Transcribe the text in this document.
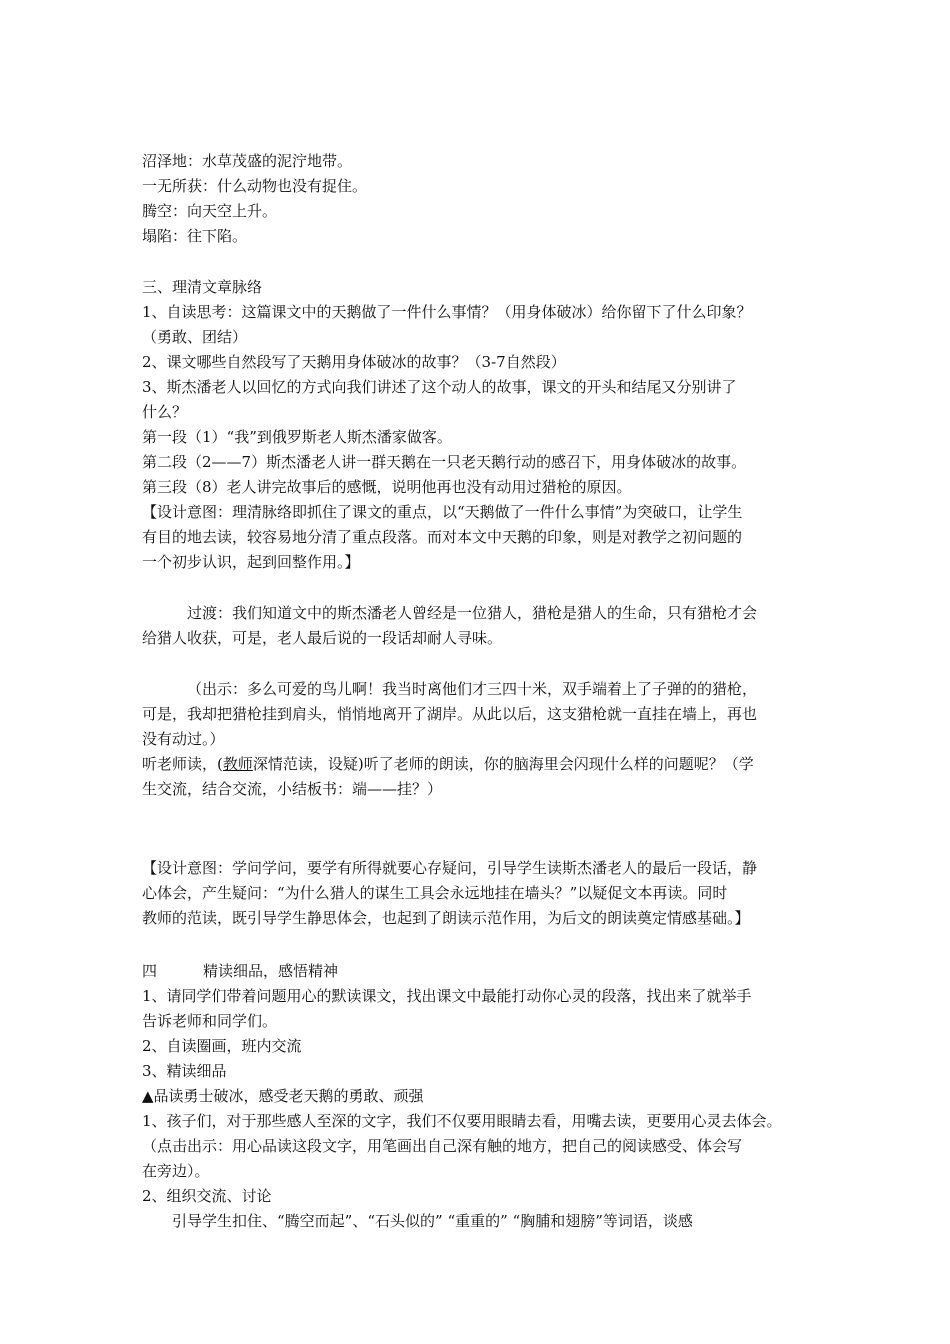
沼泽地：水草茂盛的泥泞地带。

一无所获：什么动物也没有捉住。

腾空：向天空上升。

塌陷：往下陷。

三、理清文章脉络

1、自读思考：这篇课文中的天鹅做了一件什么事情？（用身体破冰）给你留下了什么印象？

（勇敢、团结）

2、课文哪些自然段写了天鹅用身体破冰的故事？（3-7自然段）

3、斯杰潘老人以回忆的方式向我们讲述了这个动人的故事，课文的开头和结尾又分别讲了

什么？

第一段（1）“我”到俄罗斯老人斯杰潘家做客。

第二段（2——7）斯杰潘老人讲一群天鹅在一只老天鹅行动的感召下，用身体破冰的故事。

第三段（8）老人讲完故事后的感慨，说明他再也没有动用过猎枪的原因。

【设计意图：理清脉络即抓住了课文的重点，以“天鹅做了一件什么事情”为突破口，让学生

有目的地去读，较容易地分清了重点段落。而对本文中天鹅的印象，则是对教学之初问题的

一个初步认识，起到回整作用。】

过渡：我们知道文中的斯杰潘老人曾经是一位猎人，猎枪是猎人的生命，只有猎枪才会

给猎人收获，可是，老人最后说的一段话却耐人寻味。

（出示：多么可爱的鸟儿啊！我当时离他们才三四十米，双手端着上了子弹的的猎枪，

可是，我却把猎枪挂到肩头，悄悄地离开了湖岸。从此以后，这支猎枪就一直挂在墙上，再也

没有动过。）

听老师读，(教师深情范读，设疑)听了老师的朗读，你的脑海里会闪现什么样的问题呢？（学

生交流，结合交流，小结板书：端——挂？）

【设计意图：学问学问，要学有所得就要心存疑问，引导学生读斯杰潘老人的最后一段话，静

心体会，产生疑问：“为什么猎人的谋生工具会永远地挂在墙头？”以疑促文本再读。同时

教师的范读，既引导学生静思体会，也起到了朗读示范作用，为后文的朗读奠定情感基础。】

四	精读细品，感悟精神

1、请同学们带着问题用心的默读课文，找出课文中最能打动你心灵的段落，找出来了就举手

告诉老师和同学们。

2、自读圈画，班内交流

3、精读细品

▲品读勇士破冰，感受老天鹅的勇敢、顽强

1、孩子们，对于那些感人至深的文字，我们不仅要用眼睛去看，用嘴去读，更要用心灵去体会。

（点击出示：用心品读这段文字，用笔画出自己深有触的地方，把自己的阅读感受、体会写

在旁边）。

2、组织交流、讨论

引导学生扣住、“腾空而起”、“石头似的” “重重的” “胸脯和翅膀”等词语，谈感
